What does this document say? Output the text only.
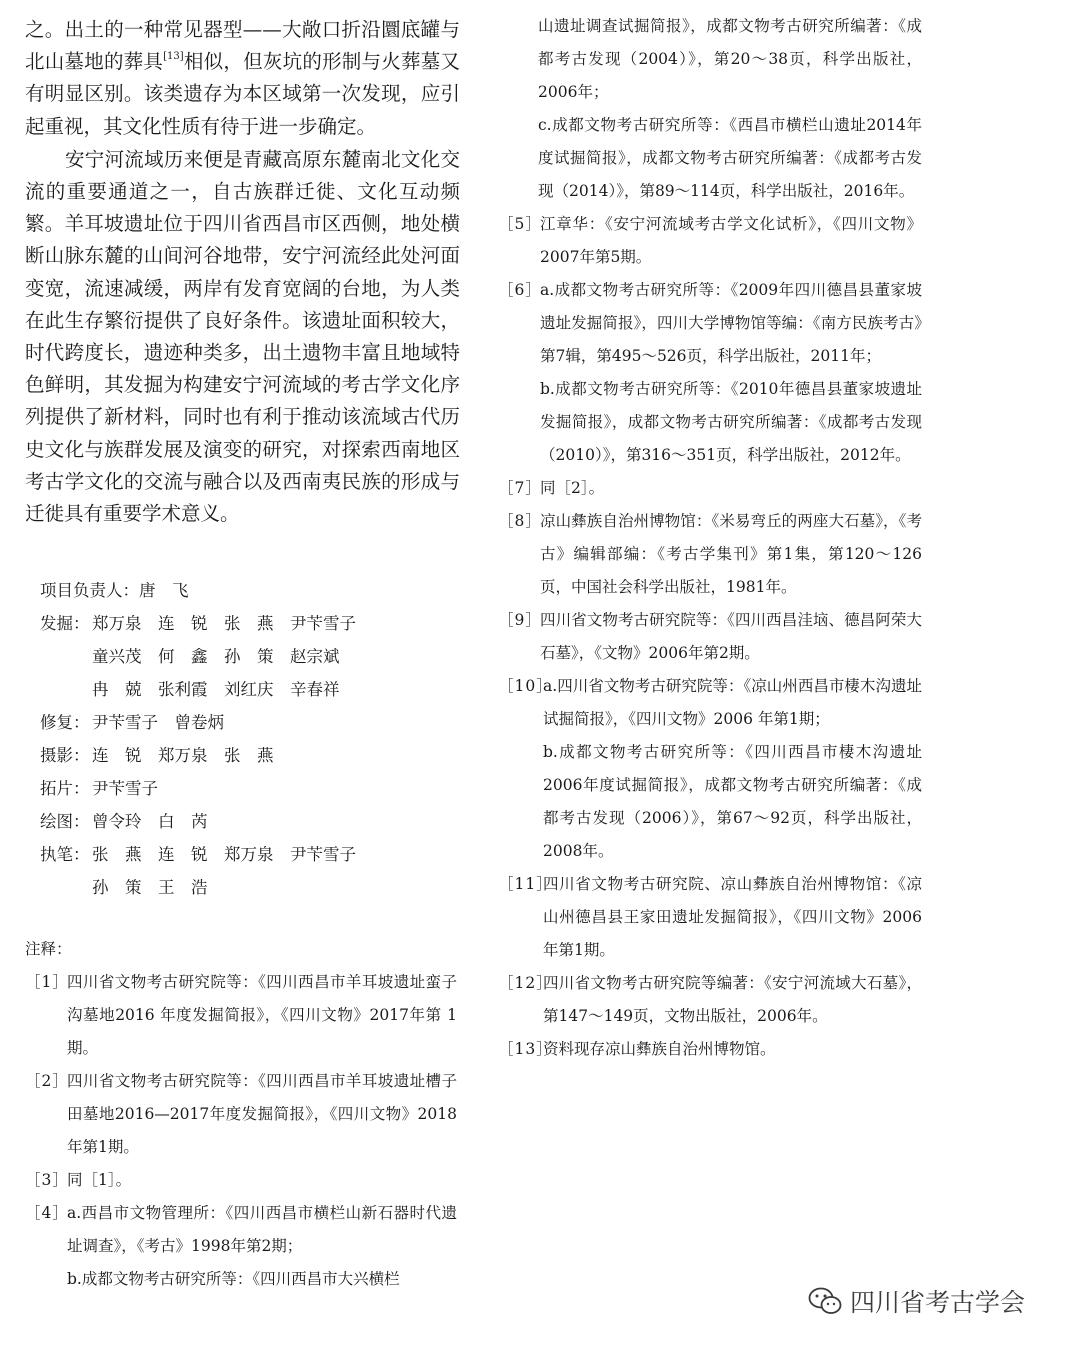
之。出土的一种常见器型——大敞口折沿圜底罐与北山墓地的葬具[13]相似，但灰坑的形制与火葬墓又有明显区别。该类遗存为本区域第一次发现，应引起重视，其文化性质有待于进一步确定。

安宁河流域历来便是青藏高原东麓南北文化交流的重要通道之一，自古族群迁徙、文化互动频繁。羊耳坡遗址位于四川省西昌市区西侧，地处横断山脉东麓的山间河谷地带，安宁河流经此处河面变宽，流速减缓，两岸有发育宽阔的台地，为人类在此生存繁衍提供了良好条件。该遗址面积较大，时代跨度长，遗迹种类多，出土遗物丰富且地域特色鲜明，其发掘为构建安宁河流域的考古学文化序列提供了新材料，同时也有利于推动该流域古代历史文化与族群发展及演变的研究，对探索西南地区考古学文化的交流与融合以及西南夷民族的形成与迁徙具有重要学术意义。

项目负责人： 唐　飞
发掘： 郑万泉　连　锐　张　燕　尹苄雪子
童兴茂　何　鑫　孙　策　赵宗斌
冉　兢　张利霞　刘红庆　辛春祥
修复： 尹苄雪子　曾卷炳
摄影： 连　锐　郑万泉　张　燕
拓片： 尹苄雪子
绘图： 曾令玲　白　芮
执笔： 张　燕　连　锐　郑万泉　尹苄雪子
孙　策　王　浩
注释：
［1］
四川省文物考古研究院等：《四川西昌市羊耳坡遗址蛮子沟墓地2016 年度发掘简报》，《四川文物》2017年第 1期。
［2］
四川省文物考古研究院等：《四川西昌市羊耳坡遗址槽子田墓地2016—2017年度发掘简报》，《四川文物》2018年第1期。
［3］
同［1］。
［4］
a.西昌市文物管理所：《四川西昌市横栏山新石器时代遗址调查》，《考古》1998年第2期；
b.成都文物考古研究所等：《四川西昌市大兴横栏
山遗址调查试掘简报》，成都文物考古研究所编著：《成都考古发现（2004）》，第20～38页，科学出版社，2006年；
c.成都文物考古研究所等：《西昌市横栏山遗址2014年度试掘简报》，成都文物考古研究所编著：《成都考古发现（2014）》，第89～114页，科学出版社，2016年。
［5］
江章华：《安宁河流域考古学文化试析》，《四川文物》2007年第5期。
［6］
a.成都文物考古研究所等：《2009年四川德昌县董家坡遗址发掘简报》，四川大学博物馆等编：《南方民族考古》第7辑，第495～526页，科学出版社，2011年；
b.成都文物考古研究所等：《2010年德昌县董家坡遗址发掘简报》，成都文物考古研究所编著：《成都考古发现（2010）》，第316～351页，科学出版社，2012年。
［7］
同［2］。
［8］
凉山彝族自治州博物馆：《米易弯丘的两座大石墓》，《考古》编辑部编：《考古学集刊》第1集，第120～126页，中国社会科学出版社，1981年。
［9］
四川省文物考古研究院等：《四川西昌洼垴、德昌阿荣大石墓》，《文物》2006年第2期。
［10］
a.四川省文物考古研究院等：《凉山州西昌市棲木沟遗址试掘简报》，《四川文物》2006 年第1期；
b.成都文物考古研究所等：《四川西昌市棲木沟遗址2006年度试掘简报》，成都文物考古研究所编著：《成都考古发现（2006）》，第67～92页，科学出版社，2008年。
［11］
四川省文物考古研究院、凉山彝族自治州博物馆：《凉山州德昌县王家田遗址发掘简报》，《四川文物》2006年第1期。
［12］
四川省文物考古研究院等编著：《安宁河流域大石墓》，第147～149页，文物出版社，2006年。
［13］
资料现存凉山彝族自治州博物馆。
四川省考古学会
